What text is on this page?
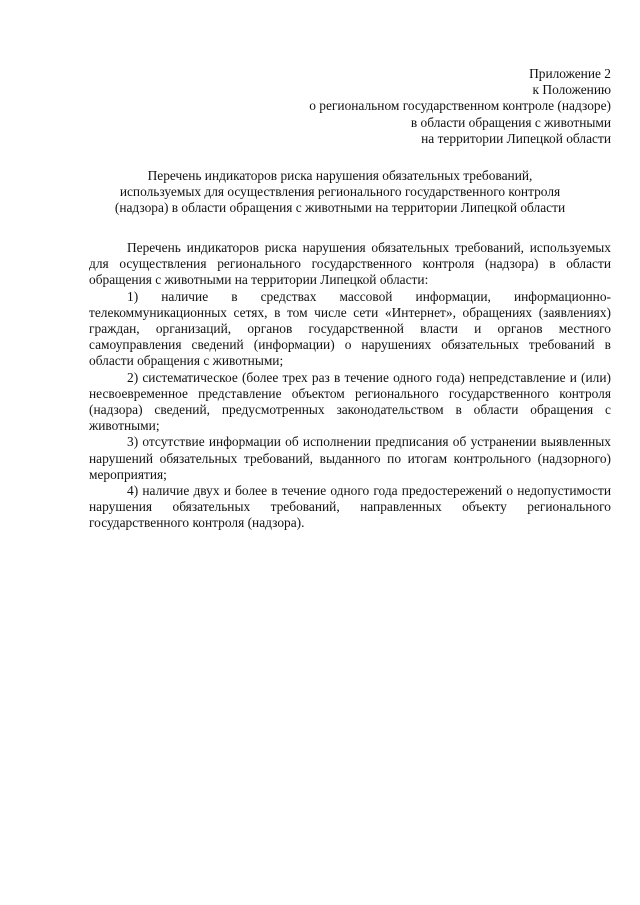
Приложение 2
к Положению
о региональном государственном контроле (надзоре)
в области обращения с животными
на территории Липецкой области
Перечень индикаторов риска нарушения обязательных требований,
используемых для осуществления регионального государственного контроля
(надзора) в области обращения с животными на территории Липецкой области

Перечень индикаторов риска нарушения обязательных требований, используемых для осуществления регионального государственного контроля (надзора) в области обращения с животными на территории Липецкой области:

1) наличие в средствах массовой информации, информационно-телекоммуникационных сетях, в том числе сети «Интернет», обращениях (заявлениях) граждан, организаций, органов государственной власти и органов местного самоуправления сведений (информации) о нарушениях обязательных требований в области обращения с животными;

2) систематическое (более трех раз в течение одного года) непредставление и (или) несвоевременное представление объектом регионального государственного контроля (надзора) сведений, предусмотренных законодательством в области обращения с животными;

3) отсутствие информации об исполнении предписания об устранении выявленных нарушений обязательных требований, выданного по итогам контрольного (надзорного) мероприятия;

4) наличие двух и более в течение одного года предостережений о недопустимости нарушения обязательных требований, направленных объекту регионального государственного контроля (надзора).
